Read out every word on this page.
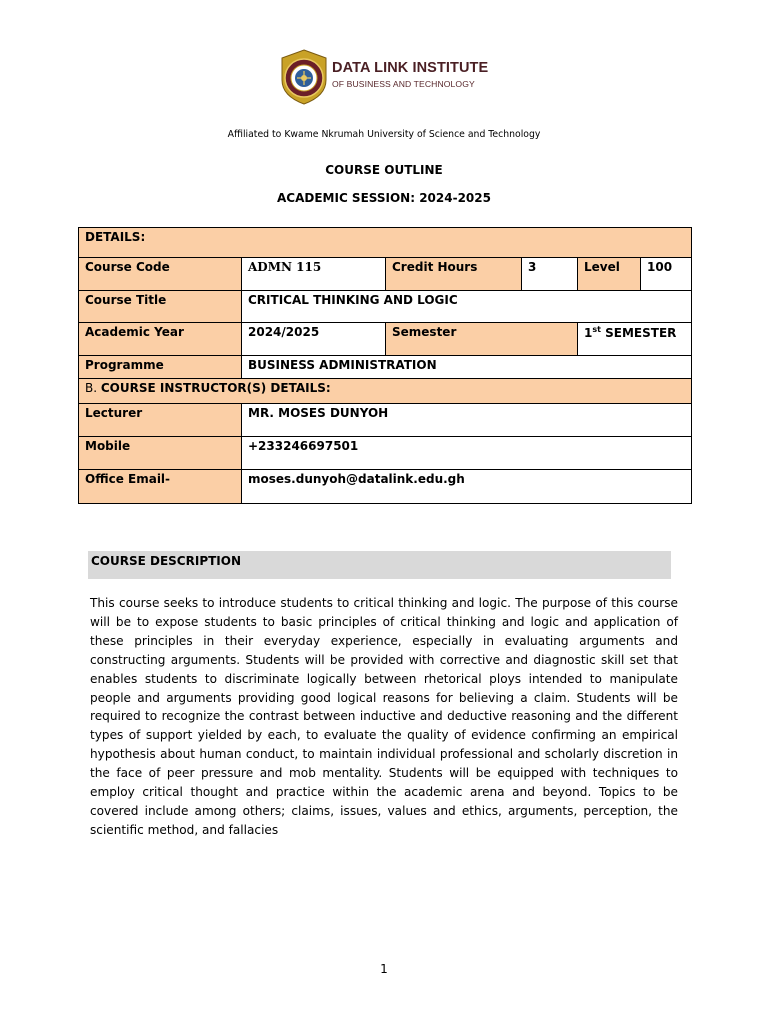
DATA LINK INSTITUTE
OF BUSINESS AND TECHNOLOGY
Affiliated to Kwame Nkrumah University of Science and Technology
COURSE OUTLINE
ACADEMIC SESSION: 2024-2025
DETAILS:					
Course Code	ADMN 115	Credit Hours	3	Level	100
Course Title	CRITICAL THINKING AND LOGIC				
Academic Year	2024/2025	Semester		1st SEMESTER	
Programme	BUSINESS ADMINISTRATION				
B. COURSE INSTRUCTOR(S) DETAILS:					
Lecturer	MR. MOSES DUNYOH				
Mobile	+233246697501				
Office Email-	moses.dunyoh@datalink.edu.gh				
COURSE DESCRIPTION
This course seeks to introduce students to critical thinking and logic. The purpose of this course will be to expose students to basic principles of critical thinking and logic and application of these principles in their everyday experience, especially in evaluating arguments and constructing arguments. Students will be provided with corrective and diagnostic skill set that enables students to discriminate logically between rhetorical ploys intended to manipulate people and arguments providing good logical reasons for believing a claim. Students will be required to recognize the contrast between inductive and deductive reasoning and the different types of support yielded by each, to evaluate the quality of evidence confirming an empirical hypothesis about human conduct, to maintain individual professional and scholarly discretion in the face of peer pressure and mob mentality. Students will be equipped with techniques to employ critical thought and practice within the academic arena and beyond. Topics to be covered include among others; claims, issues, values and ethics, arguments, perception, the scientific method, and fallacies
1
